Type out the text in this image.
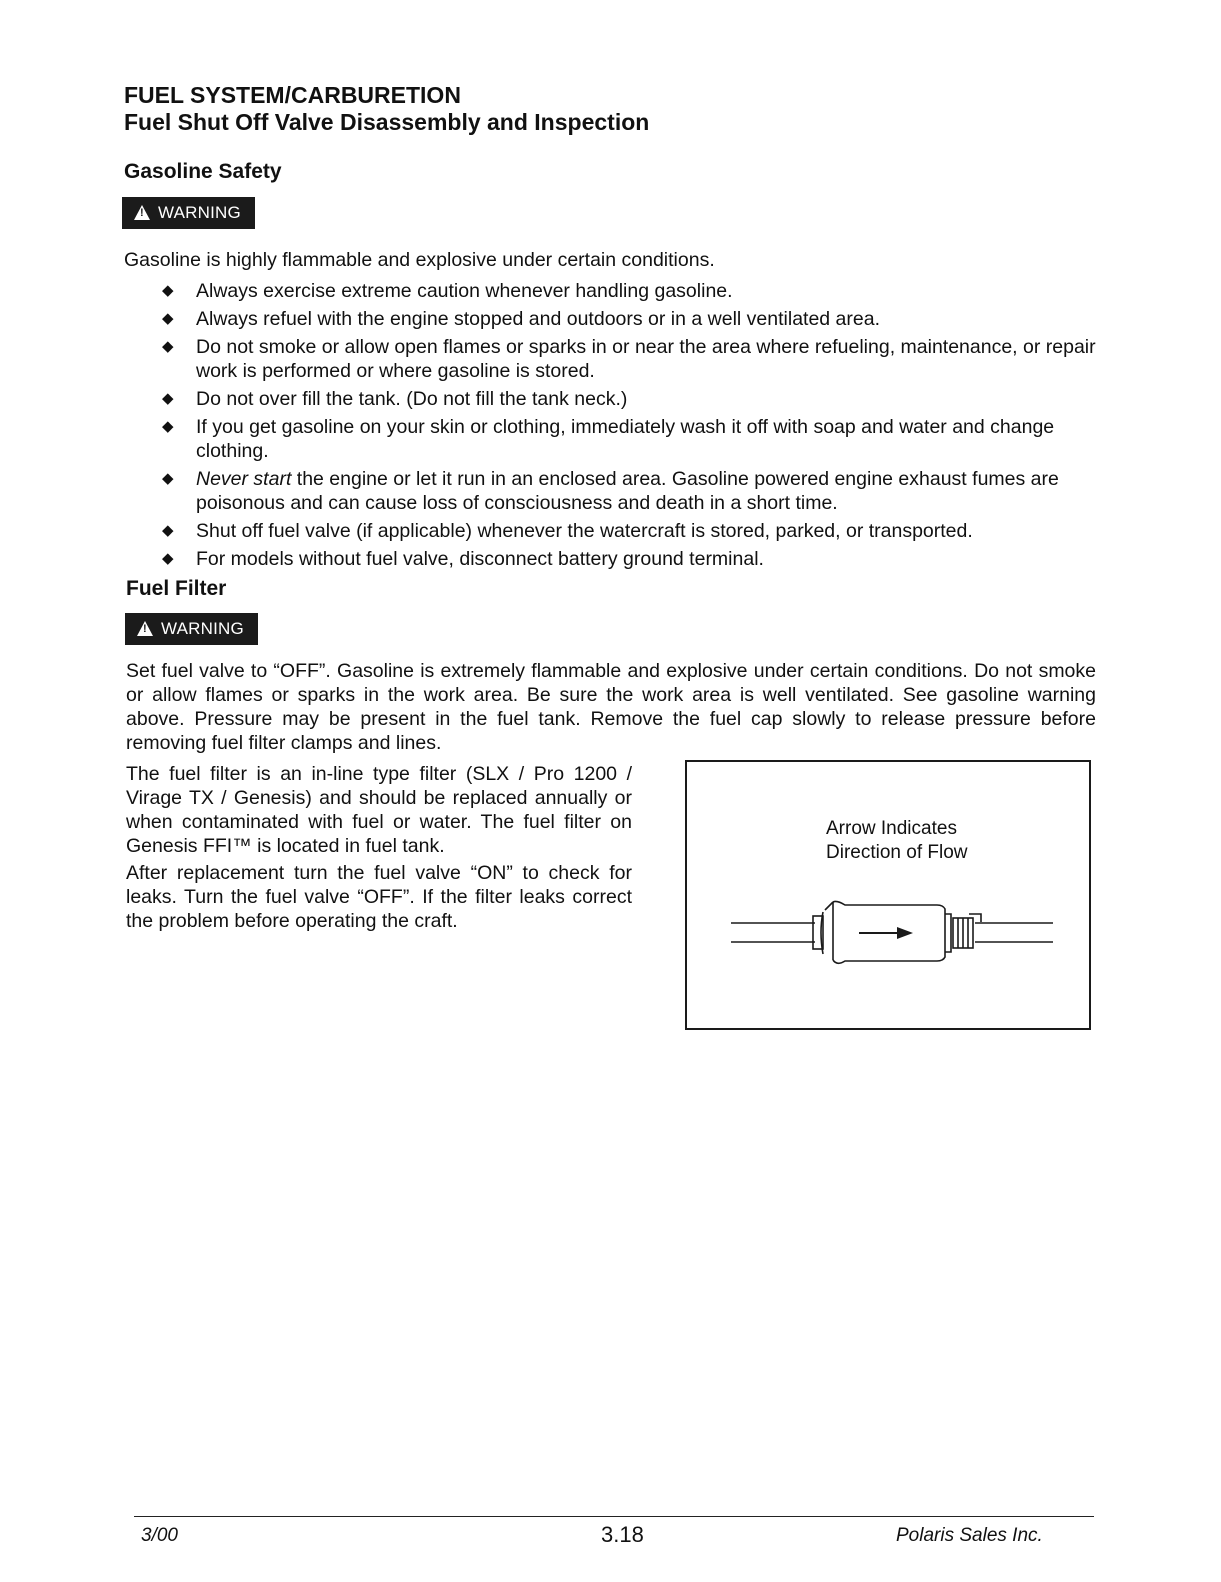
FUEL SYSTEM/CARBURETION
Fuel Shut Off Valve Disassembly and Inspection
Gasoline Safety
!WARNING
Gasoline is highly flammable and explosive under certain conditions.
◆ Always exercise extreme caution whenever handling gasoline.
◆ Always refuel with the engine stopped and outdoors or in a well ventilated area.
◆ Do not smoke or allow open flames or sparks in or near the area where refueling, maintenance, or repair work is performed or where gasoline is stored.
◆ Do not over fill the tank. (Do not fill the tank neck.)
◆ If you get gasoline on your skin or clothing, immediately wash it off with soap and water and change clothing.
◆ Never start the engine or let it run in an enclosed area. Gasoline powered engine exhaust fumes are poisonous and can cause loss of consciousness and death in a short time.
◆ Shut off fuel valve (if applicable) whenever the watercraft is stored, parked, or transported.
◆ For models without fuel valve, disconnect battery ground terminal.
Fuel Filter
!WARNING
Set fuel valve to “OFF”. Gasoline is extremely flammable and explosive under certain conditions. Do not smoke or allow flames or sparks in the work area. Be sure the work area is well ventilated. See gasoline warning above. Pressure may be present in the fuel tank. Remove the fuel cap slowly to release pressure before removing fuel filter clamps and lines.
The fuel filter is an in-line type filter (SLX / Pro 1200 / Virage TX / Genesis) and should be replaced annually or when contaminated with fuel or water. The fuel filter on Genesis FFI™ is located in fuel tank.
After replacement turn the fuel valve “ON” to check for leaks. Turn the fuel valve “OFF”. If the filter leaks correct the problem before operating the craft.
Arrow Indicates
Direction of Flow
3/00	3.18	Polaris Sales Inc.
